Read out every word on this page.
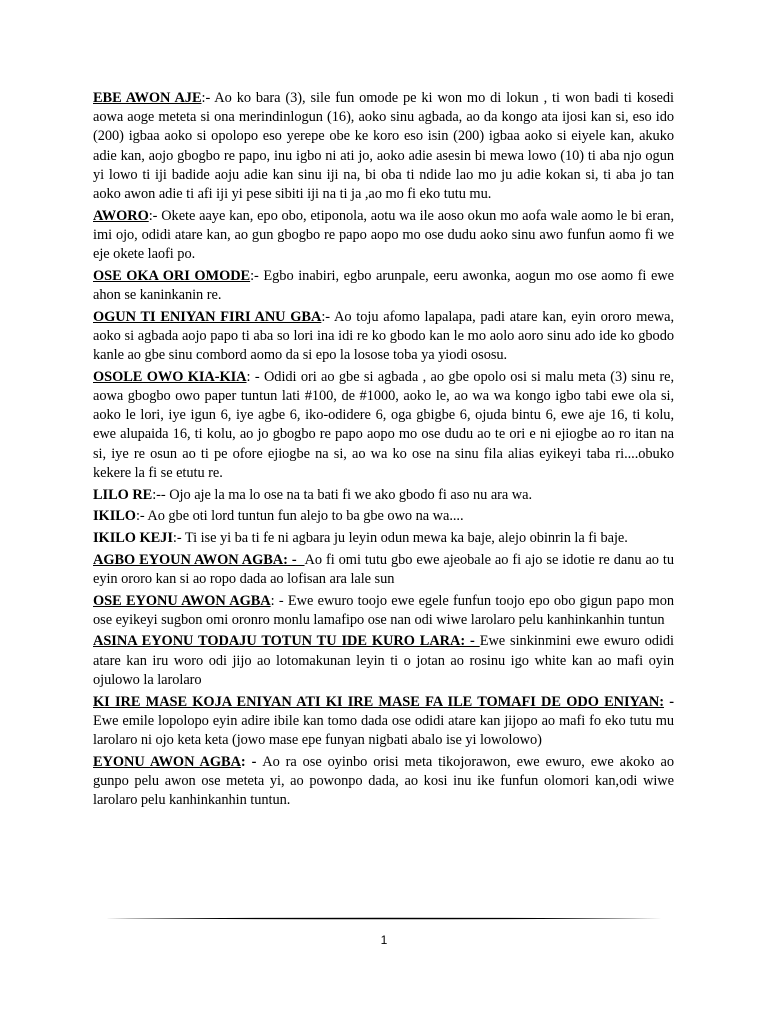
EBE AWON AJE:- Ao ko bara (3), sile fun omode pe ki won mo di lokun , ti won badi ti kosedi aowa aoge meteta si ona merindinlogun (16), aoko sinu agbada, ao da kongo ata ijosi kan si, eso ido (200) igbaa aoko si opolopo eso yerepe obe ke koro eso isin (200) igbaa aoko si eiyele kan, akuko adie kan, aojo gbogbo re papo, inu igbo ni ati jo, aoko adie asesin bi mewa lowo (10) ti aba njo ogun yi lowo ti iji badide aoju adie kan sinu iji na, bi oba ti ndide lao mo ju adie kokan si, ti aba jo tan aoko awon adie ti afi iji yi pese sibiti iji na ti ja ,ao mo fi eko tutu mu.

AWORO:- Okete aaye kan, epo obo, etiponola, aotu wa ile aoso okun mo aofa wale aomo le bi eran, imi ojo, odidi atare kan, ao gun gbogbo re papo aopo mo ose dudu aoko sinu awo funfun aomo fi we eje okete laofi po.

OSE OKA ORI OMODE:- Egbo inabiri, egbo arunpale, eeru awonka, aogun mo ose aomo fi ewe ahon se kaninkanin re.

OGUN TI ENIYAN FIRI ANU GBA:- Ao toju afomo lapalapa, padi atare kan, eyin ororo mewa, aoko si agbada aojo papo ti aba so lori ina idi re ko gbodo kan le mo aolo aoro sinu ado ide ko gbodo kanle ao gbe sinu combord aomo da si epo la losose toba ya yiodi ososu.

OSOLE OWO KIA-KIA: - Odidi ori ao gbe si agbada , ao gbe opolo osi si malu meta (3) sinu re, aowa gbogbo owo paper tuntun lati #100, de #1000, aoko le, ao wa wa kongo igbo tabi ewe ola si, aoko le lori, iye igun 6, iye agbe 6, iko-odidere 6, oga gbigbe 6, ojuda bintu 6, ewe aje 16, ti kolu, ewe alupaida 16, ti kolu, ao jo gbogbo re papo aopo mo ose dudu ao te ori e ni ejiogbe ao ro itan na si, iye re osun ao ti pe ofore ejiogbe na si, ao wa ko ose na sinu fila alias eyikeyi taba ri....obuko kekere la fi se etutu re.

LILO RE:-- Ojo aje la ma lo ose na ta bati fi we ako gbodo fi aso nu ara wa.

IKILO:- Ao gbe oti lord tuntun fun alejo to ba gbe owo na wa....

IKILO KEJI:- Ti ise yi ba ti fe ni agbara ju leyin odun mewa ka baje, alejo obinrin la fi baje.

AGBO EYOUN AWON AGBA: -  Ao fi omi tutu gbo ewe ajeobale ao fi ajo se idotie re danu ao tu eyin ororo kan si ao ropo dada ao lofisan ara lale sun

OSE EYONU AWON AGBA: - Ewe ewuro toojo ewe egele funfun toojo epo obo gigun papo mon ose eyikeyi sugbon omi oronro monlu lamafipo ose nan odi wiwe larolaro pelu kanhinkanhin tuntun

ASINA EYONU TODAJU TOTUN TU IDE KURO LARA: - Ewe sinkinmini ewe ewuro odidi atare kan iru woro odi jijo ao lotomakunan leyin ti o jotan ao rosinu igo white kan ao mafi oyin ojulowo la larolaro

KI IRE MASE KOJA ENIYAN ATI KI IRE MASE FA ILE TOMAFI DE ODO ENIYAN: - Ewe emile lopolopo eyin adire ibile kan tomo dada ose odidi atare kan jijopo ao mafi fo eko tutu mu larolaro ni ojo keta keta (jowo mase epe funyan nigbati abalo ise yi lowolowo)

EYONU AWON AGBA: - Ao ra ose oyinbo orisi meta tikojorawon, ewe ewuro, ewe akoko ao gunpo pelu awon ose meteta yi, ao powonpo dada, ao kosi inu ike funfun olomori kan,odi wiwe larolaro pelu kanhinkanhin tuntun.

1
